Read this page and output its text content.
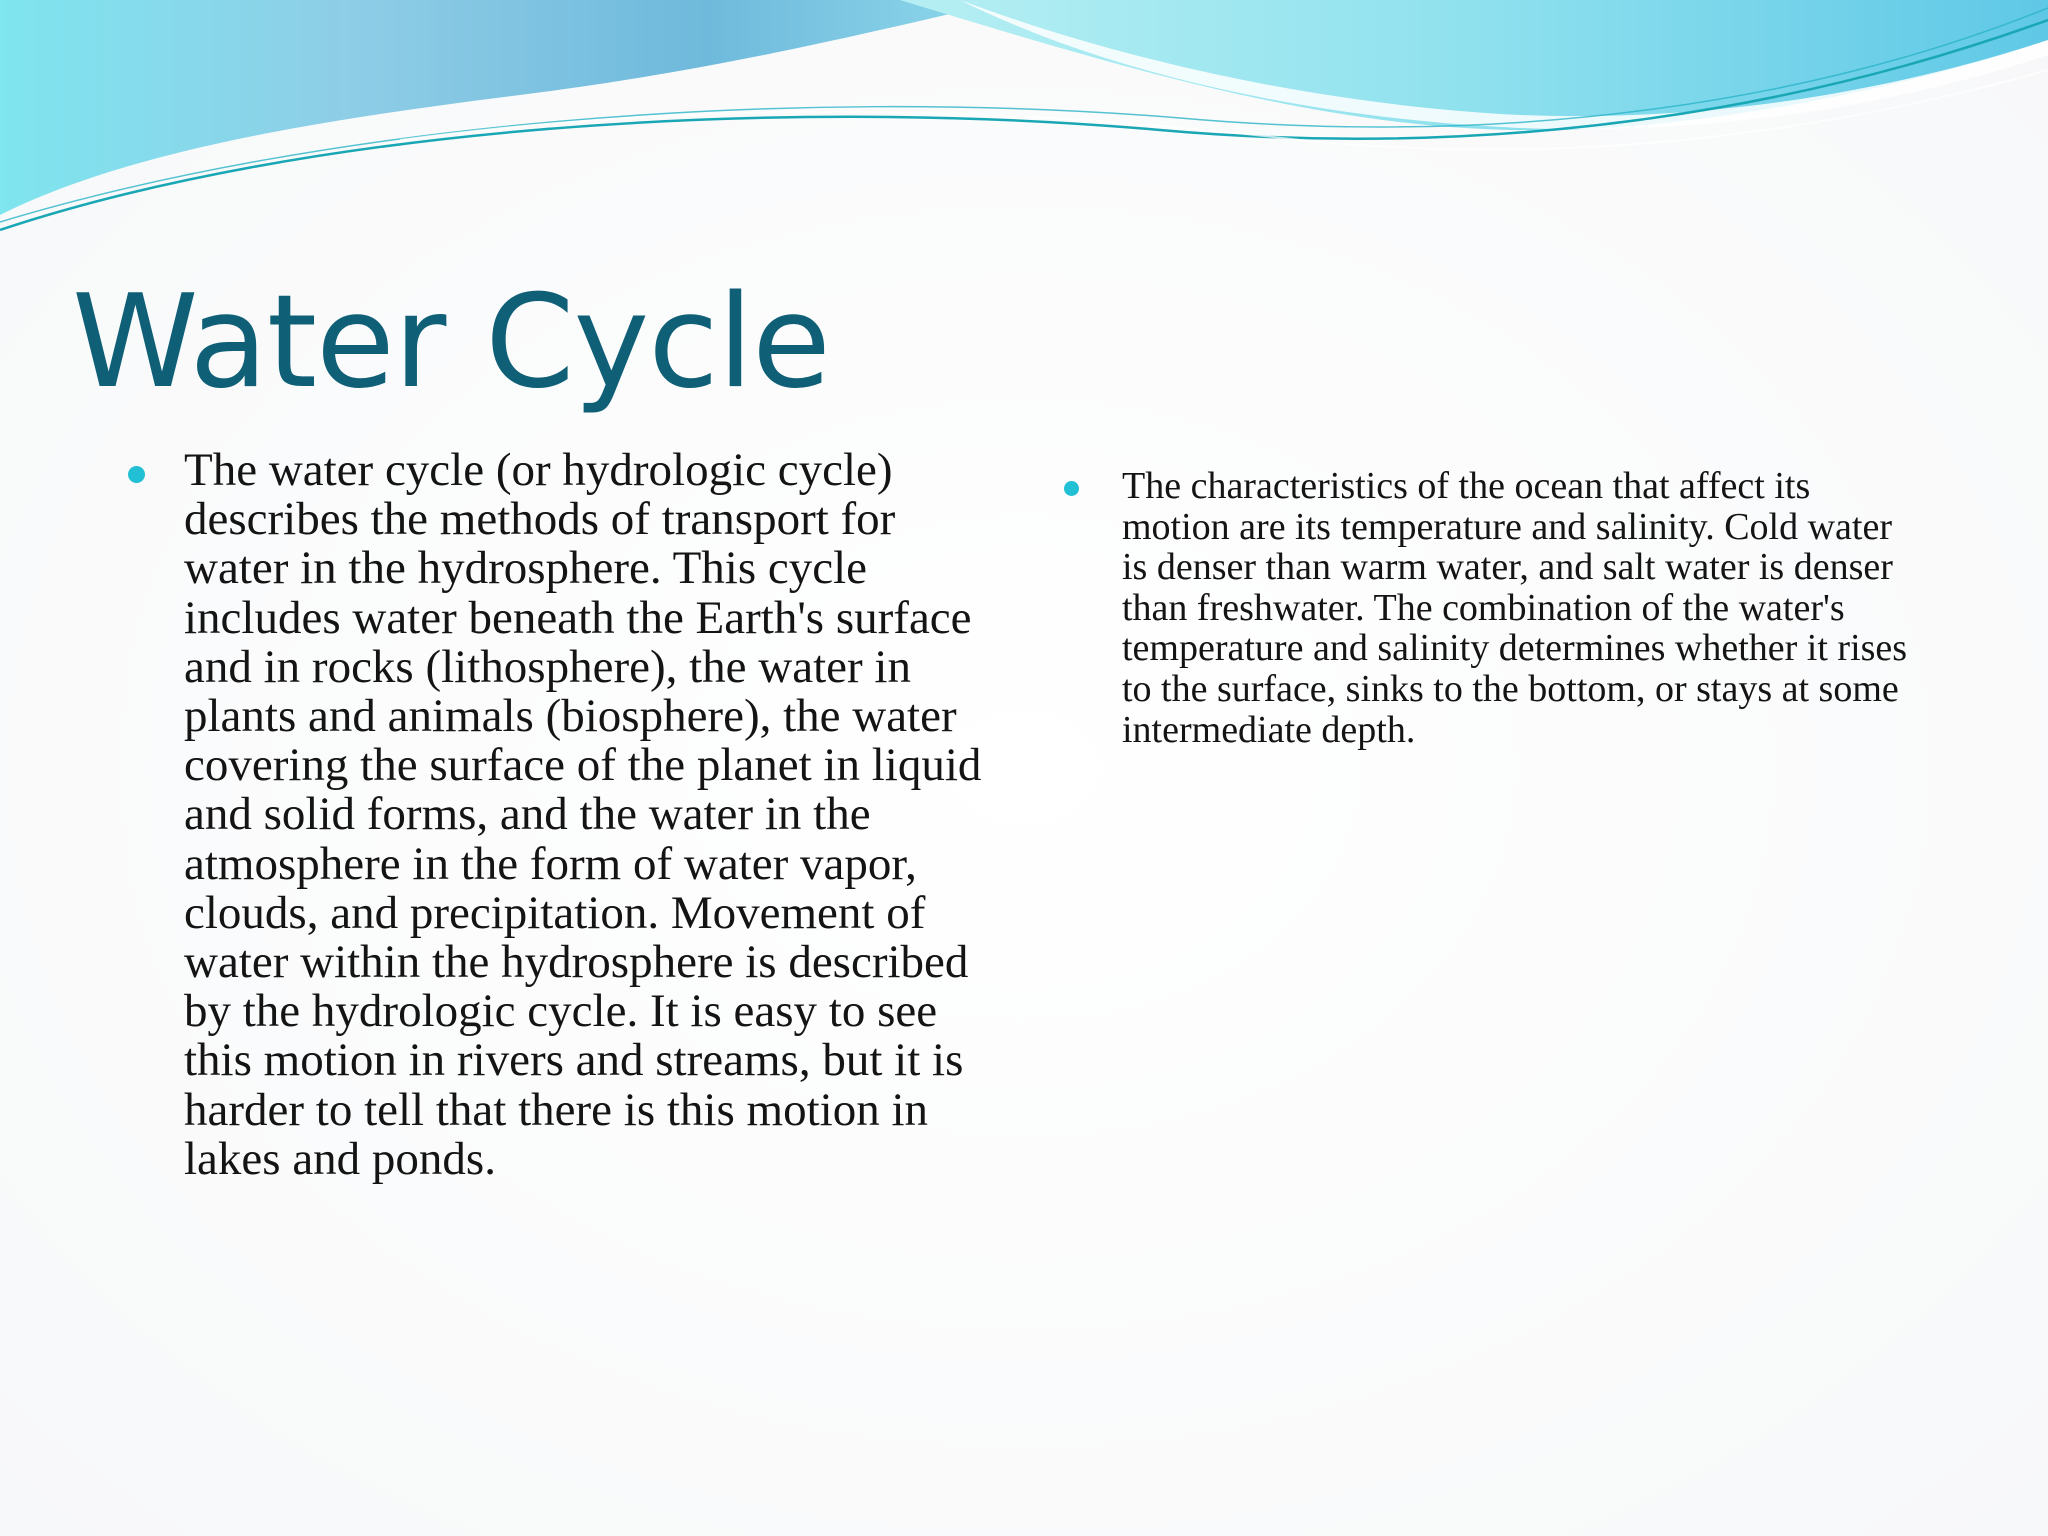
Water Cycle
The water cycle (or hydrologic cycle) describes the methods of transport for water in the hydrosphere. This cycle includes water beneath the Earth's surface and in rocks (lithosphere), the water in plants and animals (biosphere), the water covering the surface of the planet in liquid and solid forms, and the water in the atmosphere in the form of water vapor, clouds, and precipitation. Movement of water within the hydrosphere is described by the hydrologic cycle. It is easy to see this motion in rivers and streams, but it is harder to tell that there is this motion in lakes and ponds.
The characteristics of the ocean that affect its motion are its temperature and salinity. Cold water is denser than warm water, and salt water is denser than freshwater. The combination of the water's temperature and salinity determines whether it rises to the surface, sinks to the bottom, or stays at some intermediate depth.
